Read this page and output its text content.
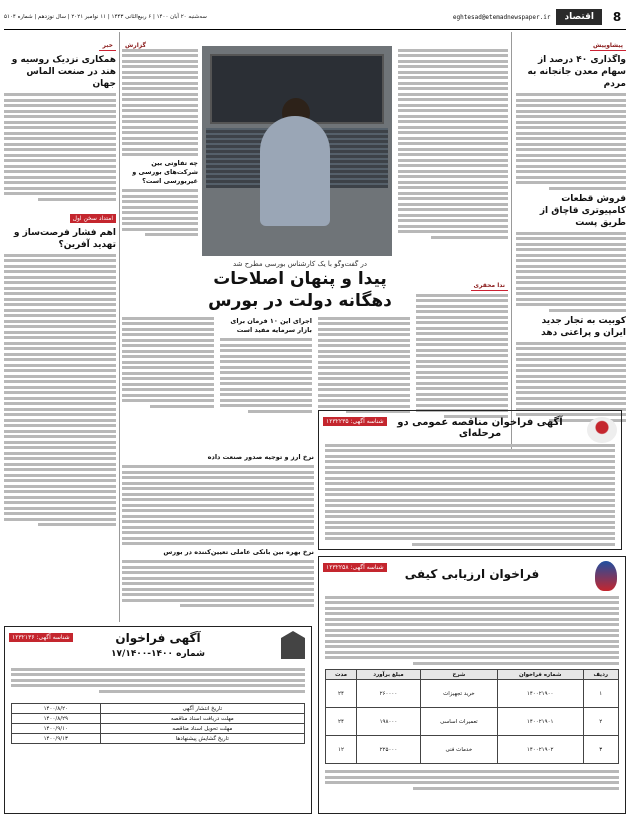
8
اقتصاد
eghtesad@etemadnewspaper.ir
سه‌شنبه ۲۰ آبان ۱۴۰۰ | ۶ ربیع‌الثانی ۱۴۴۳ | ۱۱ نوامبر ۲۰۲۱ | سال نوزدهم | شماره ۵۱۰۴
پیشاوپیش
واگذاری ۴۰ درصد از سهام معدن جانجانه به مردم
فروش قطعات کامپیوتری قاچاق از طریق پست
کوبیت به تجار جدید ایران و پراعتی دهد
گزارش
چه تفاوتی بین شرکت‌های بورسی و غیربورسی است؟
در گفت‌وگو با یک کارشناس بورسی مطرح شد
پیدا و پنهان اصلاحات دهگانه دولت در بورس
ندا محقری
اجرای این ۱۰ فرمان برای بازار سرمایه مفید است
خبر
همکاری نزدیک روسیه و هند در صنعت الماس جهان
امتداد سخن اول
اهم فشار فرصت‌ساز و تهدید آفرین؟
آگهی فراخوان مناقصه عمومی دو مرحله‌ای
شناسه آگهی: ۱۲۳۲۲۳۵
نرخ ارز و توجیه صدور صنعت داده
نرخ بهره بین بانکی عاملی تعیین‌کننده در بورس
فراخوان ارزیابی کیفی
شناسه آگهی: ۱۲۳۲۲۵۸
ردیف	شماره فراخوان	شرح	مبلغ برآورد	مدت
۱	۱۴۰۰۲۱۹۰۰	خرید تجهیزات	۲۶۰۰۰۰	۲۴
۲	۱۴۰۰۲۱۹۰۱	تعمیرات اساسی	۱۹۸۰۰۰	۲۴
۳	۱۴۰۰۲۱۹۰۲	خدمات فنی	۲۲۵۰۰۰	۱۲
آگهی فراخوان
شماره ۱۴۰۰-۱۷/۱۴۰۰
شناسه آگهی: ۱۲۳۲۱۳۶
تاریخ انتشار آگهی	۱۴۰۰/۸/۲۰
مهلت دریافت اسناد مناقصه	۱۴۰۰/۸/۲۹
مهلت تحویل اسناد مناقصه	۱۴۰۰/۹/۱۰
تاریخ گشایش پیشنهادها	۱۴۰۰/۹/۱۳
